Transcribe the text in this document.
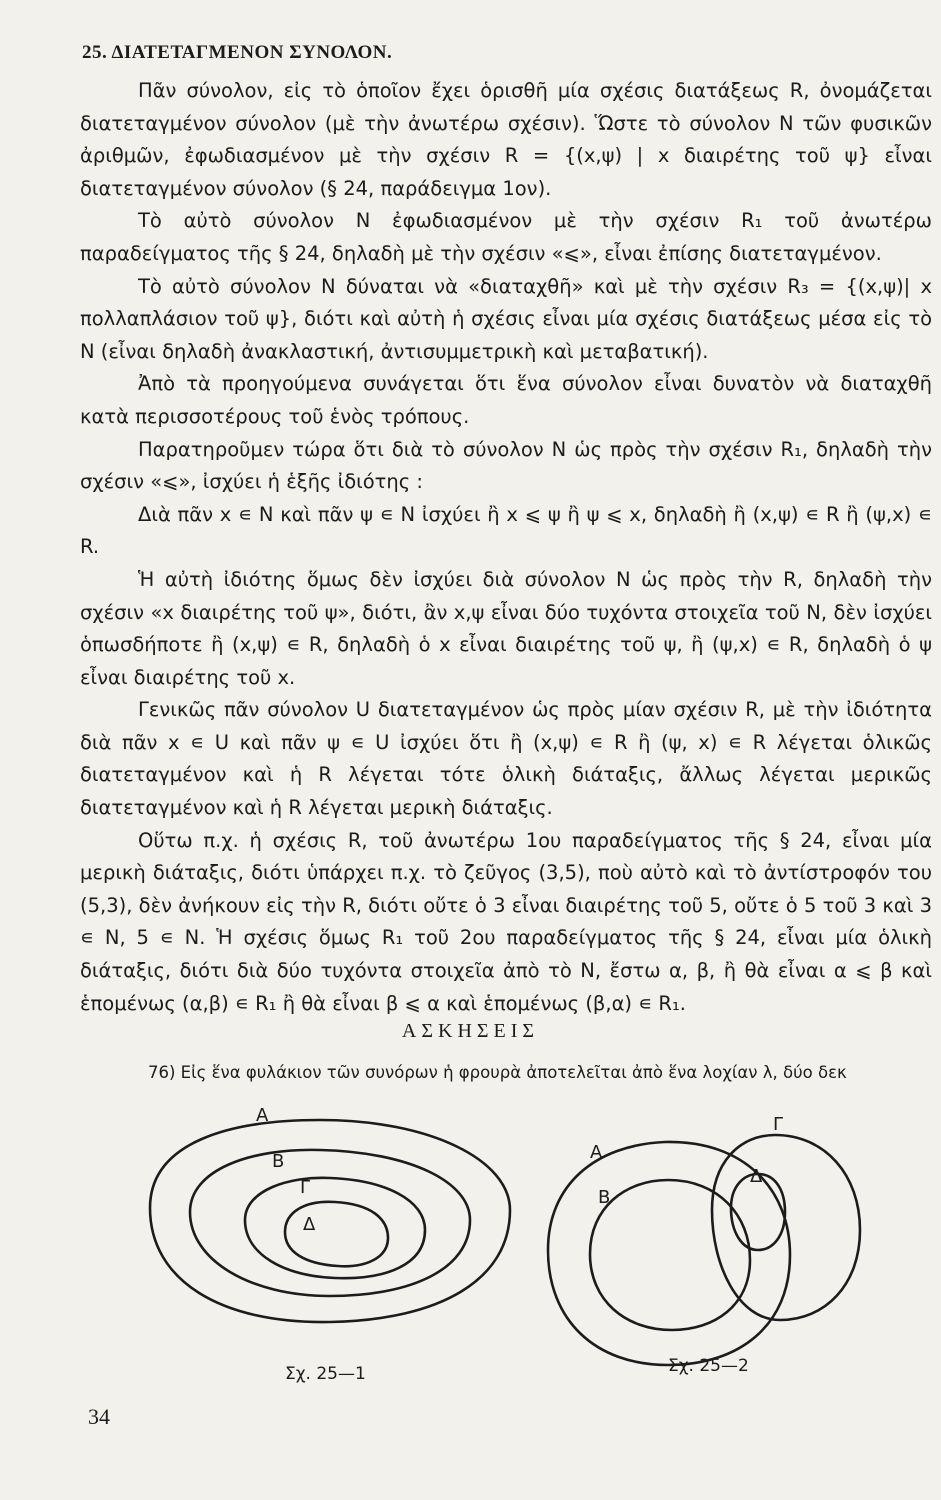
25. ΔΙΑΤΕΤΑΓΜΕΝΟΝ ΣΥΝΟΛΟΝ.

Πᾶν σύνολον, εἰς τὸ ὁποῖον ἔχει ὁρισθῆ μία σχέσις διατάξεως R, ὀνομάζεται διατεταγμένον σύνολον (μὲ τὴν ἀνωτέρω σχέσιν). Ὥστε τὸ σύνολον N τῶν φυσικῶν ἀριθμῶν, ἐφωδιασμένον μὲ τὴν σχέσιν R = {(x,ψ) | x διαιρέτης τοῦ ψ} εἶναι διατεταγμένον σύνολον (§ 24, παράδειγμα 1ον).

Τὸ αὐτὸ σύνολον N ἐφωδιασμένον μὲ τὴν σχέσιν R₁ τοῦ ἀνωτέρω παραδείγματος τῆς § 24, δηλαδὴ μὲ τὴν σχέσιν «⩽», εἶναι ἐπίσης διατεταγμένον.

Τὸ αὐτὸ σύνολον N δύναται νὰ «διαταχθῆ» καὶ μὲ τὴν σχέσιν R₃ = {(x,ψ)| x πολλαπλάσιον τοῦ ψ}, διότι καὶ αὐτὴ ἡ σχέσις εἶναι μία σχέσις διατάξεως μέσα εἰς τὸ N (εἶναι δηλαδὴ ἀνακλαστική, ἀντισυμμετρικὴ καὶ μεταβατική).

Ἀπὸ τὰ προηγούμενα συνάγεται ὅτι ἕνα σύνολον εἶναι δυνατὸν νὰ διαταχθῆ κατὰ περισσοτέρους τοῦ ἑνὸς τρόπους.

Παρατηροῦμεν τώρα ὅτι διὰ τὸ σύνολον N ὡς πρὸς τὴν σχέσιν R₁, δηλαδὴ τὴν σχέσιν «⩽», ἰσχύει ἡ ἑξῆς ἰδιότης :

Διὰ πᾶν x ∊ N καὶ πᾶν ψ ∊ N ἰσχύει ἢ x ⩽ ψ ἢ ψ ⩽ x, δηλαδὴ ἢ (x,ψ) ∊ R ἢ (ψ,x) ∊ R.

Ἡ αὐτὴ ἰδιότης ὅμως δὲν ἰσχύει διὰ σύνολον N ὡς πρὸς τὴν R, δηλαδὴ τὴν σχέσιν «x διαιρέτης τοῦ ψ», διότι, ἂν x,ψ εἶναι δύο τυχόντα στοιχεῖα τοῦ N, δὲν ἰσχύει ὁπωσδήποτε ἢ (x,ψ) ∊ R, δηλαδὴ ὁ x εἶναι διαιρέτης τοῦ ψ, ἢ (ψ,x) ∊ R, δηλαδὴ ὁ ψ εἶναι διαιρέτης τοῦ x.

Γενικῶς πᾶν σύνολον U διατεταγμένον ὡς πρὸς μίαν σχέσιν R, μὲ τὴν ἰδιότητα διὰ πᾶν x ∊ U καὶ πᾶν ψ ∊ U ἰσχύει ὅτι ἢ (x,ψ) ∊ R ἢ (ψ, x) ∊ R λέγεται ὁλικῶς διατεταγμένον καὶ ἡ R λέγεται τότε ὁλικὴ διάταξις, ἄλλως λέγεται μερικῶς διατεταγμένον καὶ ἡ R λέγεται μερικὴ διάταξις.

Οὕτω π.χ. ἡ σχέσις R, τοῦ ἀνωτέρω 1ου παραδείγματος τῆς § 24, εἶναι μία μερικὴ διάταξις, διότι ὑπάρχει π.χ. τὸ ζεῦγος (3,5), ποὺ αὐτὸ καὶ τὸ ἀντίστροφόν του (5,3), δὲν ἀνήκουν εἰς τὴν R, διότι οὔτε ὁ 3 εἶναι διαιρέτης τοῦ 5, οὔτε ὁ 5 τοῦ 3 καὶ 3 ∊ N, 5 ∊ N. Ἡ σχέσις ὅμως R₁ τοῦ 2ου παραδείγματος τῆς § 24, εἶναι μία ὁλικὴ διάταξις, διότι διὰ δύο τυχόντα στοιχεῖα ἀπὸ τὸ N, ἔστω α, β, ἢ θὰ εἶναι α ⩽ β καὶ ἑπομένως (α,β) ∊ R₁ ἢ θὰ εἶναι β ⩽ α καὶ ἑπομένως (β,α) ∊ R₁.

ΑΣΚΗΣΕΙΣ
76) Εἰς ἕνα φυλάκιον τῶν συνόρων ἡ φρουρὰ ἀποτελεῖται ἀπὸ ἕνα λοχίαν λ, δύο δεκ
Α
Β
Γ
Δ
Α
Β
Γ
Δ
Σχ. 25—1	Σχ. 25—2
34
